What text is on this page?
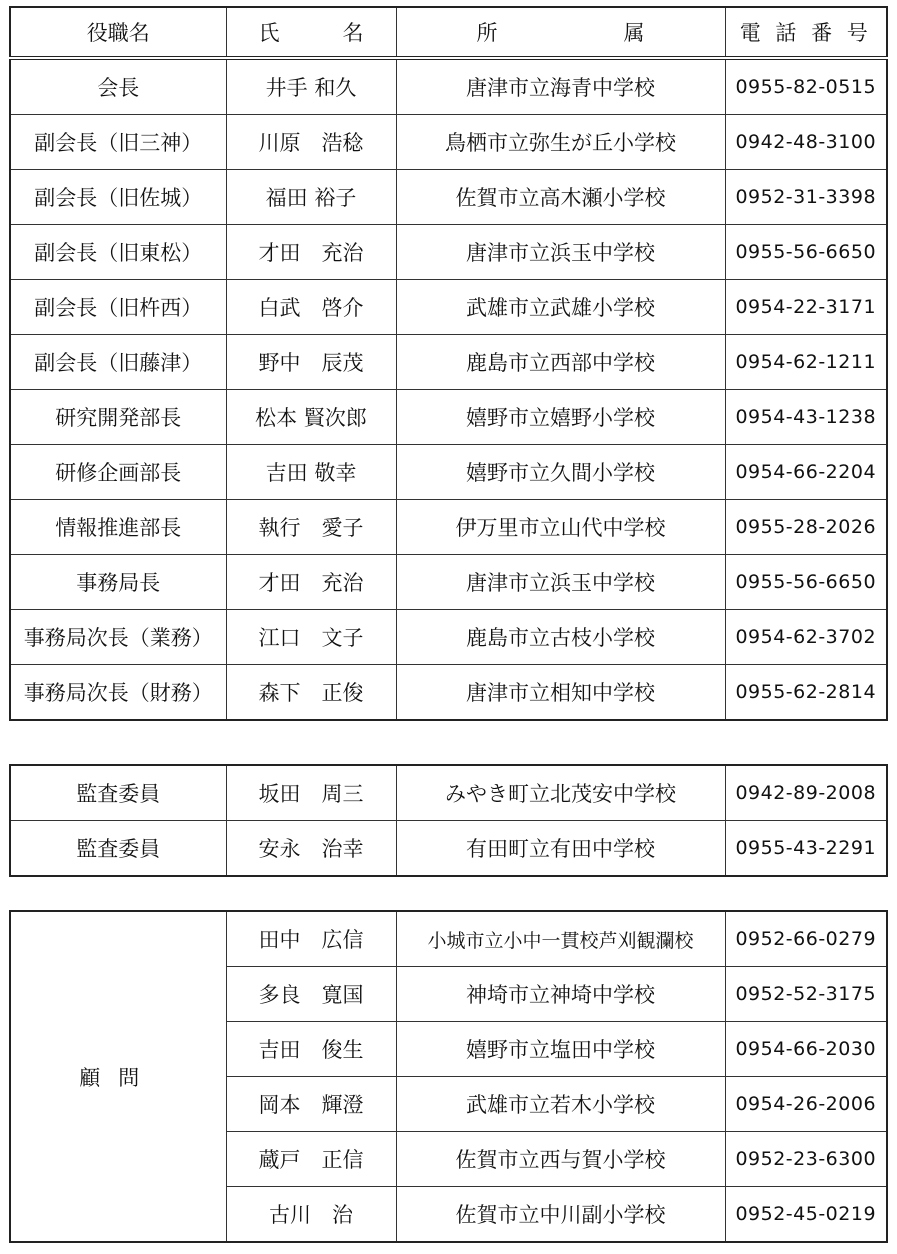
役職名	氏　　　名	所　　　　　　属	電 話 番 号
会長	井手 和久	唐津市立海青中学校	0955-82-0515
副会長（旧三神）	川原　浩稔	鳥栖市立弥生が丘小学校	0942-48-3100
副会長（旧佐城）	福田 裕子	佐賀市立高木瀬小学校	0952-31-3398
副会長（旧東松）	才田　充治	唐津市立浜玉中学校	0955-56-6650
副会長（旧杵西）	白武　啓介	武雄市立武雄小学校	0954-22-3171
副会長（旧藤津）	野中　辰茂	鹿島市立西部中学校	0954-62-1211
研究開発部長	松本 賢次郎	嬉野市立嬉野小学校	0954-43-1238
研修企画部長	吉田 敬幸	嬉野市立久間小学校	0954-66-2204
情報推進部長	執行　愛子	伊万里市立山代中学校	0955-28-2026
事務局長	才田　充治	唐津市立浜玉中学校	0955-56-6650
事務局次長（業務）	江口　文子	鹿島市立古枝小学校	0954-62-3702
事務局次長（財務）	森下　正俊	唐津市立相知中学校	0955-62-2814
監査委員	坂田　周三	みやき町立北茂安中学校	0942-89-2008
監査委員	安永　治幸	有田町立有田中学校	0955-43-2291
顧問	田中　広信	小城市立小中一貫校芦刈観瀾校	0952-66-0279
	多良　寛国	神埼市立神埼中学校	0952-52-3175
	吉田　俊生	嬉野市立塩田中学校	0954-66-2030
	岡本　輝澄	武雄市立若木小学校	0954-26-2006
	蔵戸　正信	佐賀市立西与賀小学校	0952-23-6300
	古川　治	佐賀市立中川副小学校	0952-45-0219
